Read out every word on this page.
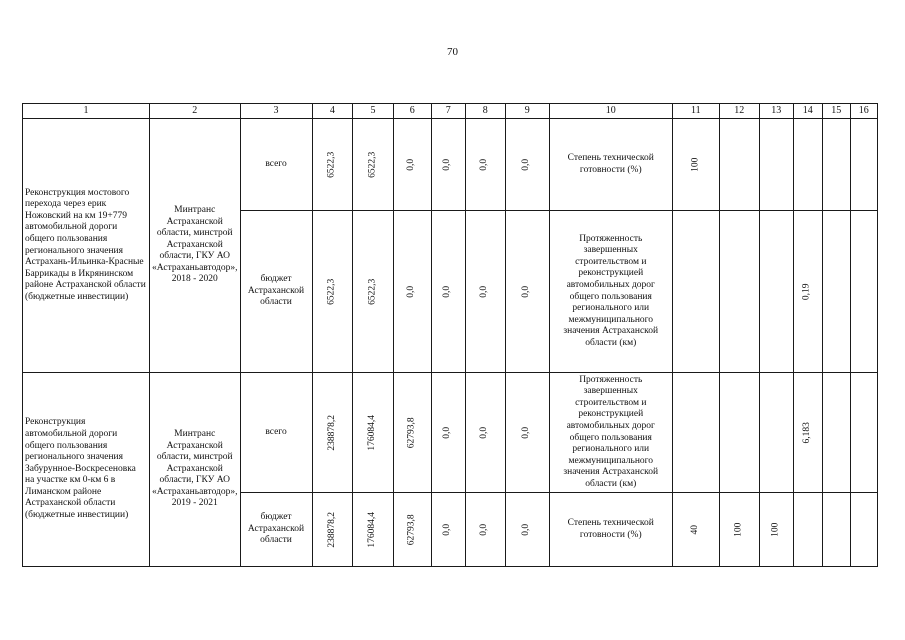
70
1	2	3	4	5	6	7	8	9	10	11	12	13	14	15	16
Реконструкция мостового перехода через ерик Ножовский на км 19+779 автомобильной дороги общего пользования регионального значения Астрахань-Ильинка-Красные Баррикады в Икрянинском районе Астраханской области (бюджетные инвестиции)	Минтранс Астраханской области, минстрой Астраханской области, ГКУ АО «Астраханьавтодор», 2018 - 2020	всего	6522,3	6522,3	0,0	0,0	0,0	0,0	Степень технической готовности (%)	100					
		бюджет Астраханской области	6522,3	6522,3	0,0	0,0	0,0	0,0	Протяженность завершенных строительством и реконструкцией автомобильных дорог общего пользования регионального или межмуниципального значения Астраханской области (км)				0,19		
Реконструкция автомобильной дороги общего пользования регионального значения Забурунное-Воскресеновка на участке км 0-км 6 в Лиманском районе Астраханской области (бюджетные инвестиции)	Минтранс Астраханской области, минстрой Астраханской области, ГКУ АО «Астраханьавтодор», 2019 - 2021	всего	238878,2	176084,4	62793,8	0,0	0,0	0,0	Протяженность завершенных строительством и реконструкцией автомобильных дорог общего пользования регионального или межмуниципального значения Астраханской области (км)				6,183		
		бюджет Астраханской области	238878,2	176084,4	62793,8	0,0	0,0	0,0	Степень технической готовности (%)	40	100	100			
